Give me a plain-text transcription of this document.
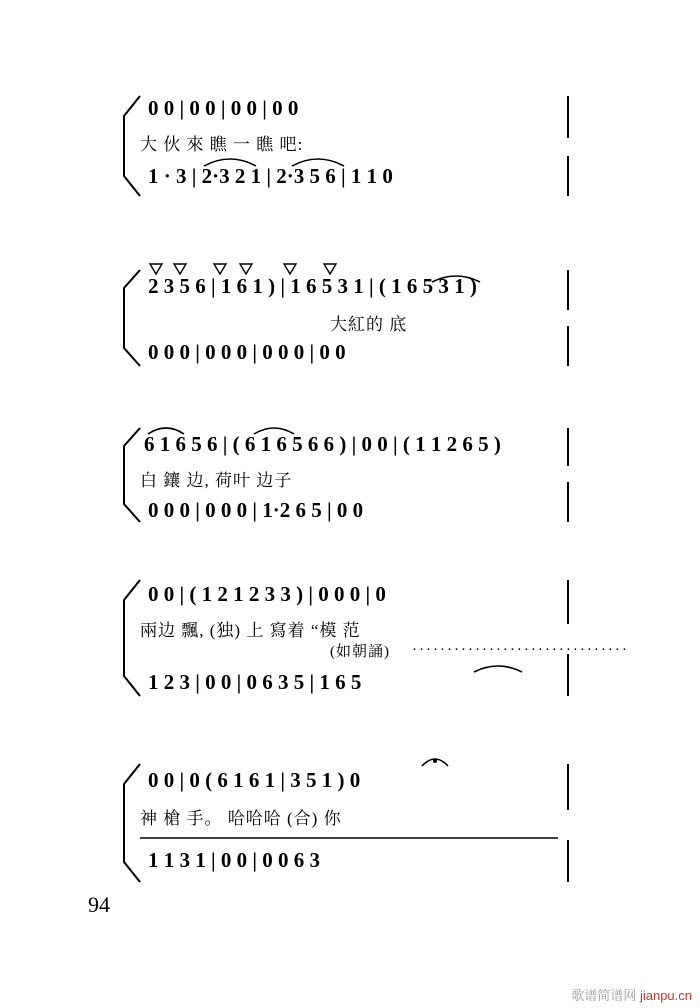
0 0 | 0 0 | 0 0 | 0 0
大 伙 來 瞧 一 瞧 吧:
1 · 3 | 2·3 2 1 | 2·3 5 6 | 1 1 0
2 3 5 6 | 1 6 1 ) | 1 6 5 3 1 | ( 1 6 5 3 1 )
大紅的 底
0 0 0 | 0 0 0 | 0 0 0 | 0 0
6 1 6 5 6 | ( 6 1 6 5 6 6 ) | 0 0 | ( 1 1 2 6 5 )
白 鑲 边, 荷叶 边子
0 0 0 | 0 0 0 | 1·2 6 5 | 0 0
0 0 | ( 1 2 1 2 3 3 ) | 0 0 0 | 0
兩边 飄, (独) 上 寫着 “模 范
(如朝誦) ·······························
1 2 3 | 0 0 | 0 6 3 5 | 1 6 5
0 0 | 0 ( 6 1 6 1 | 3 5 1 ) 0
神 槍 手。 哈哈哈 (合) 你
1 1 3 1 | 0 0 | 0 0 6 3
94
歌谱简谱网 jianpu.cn
